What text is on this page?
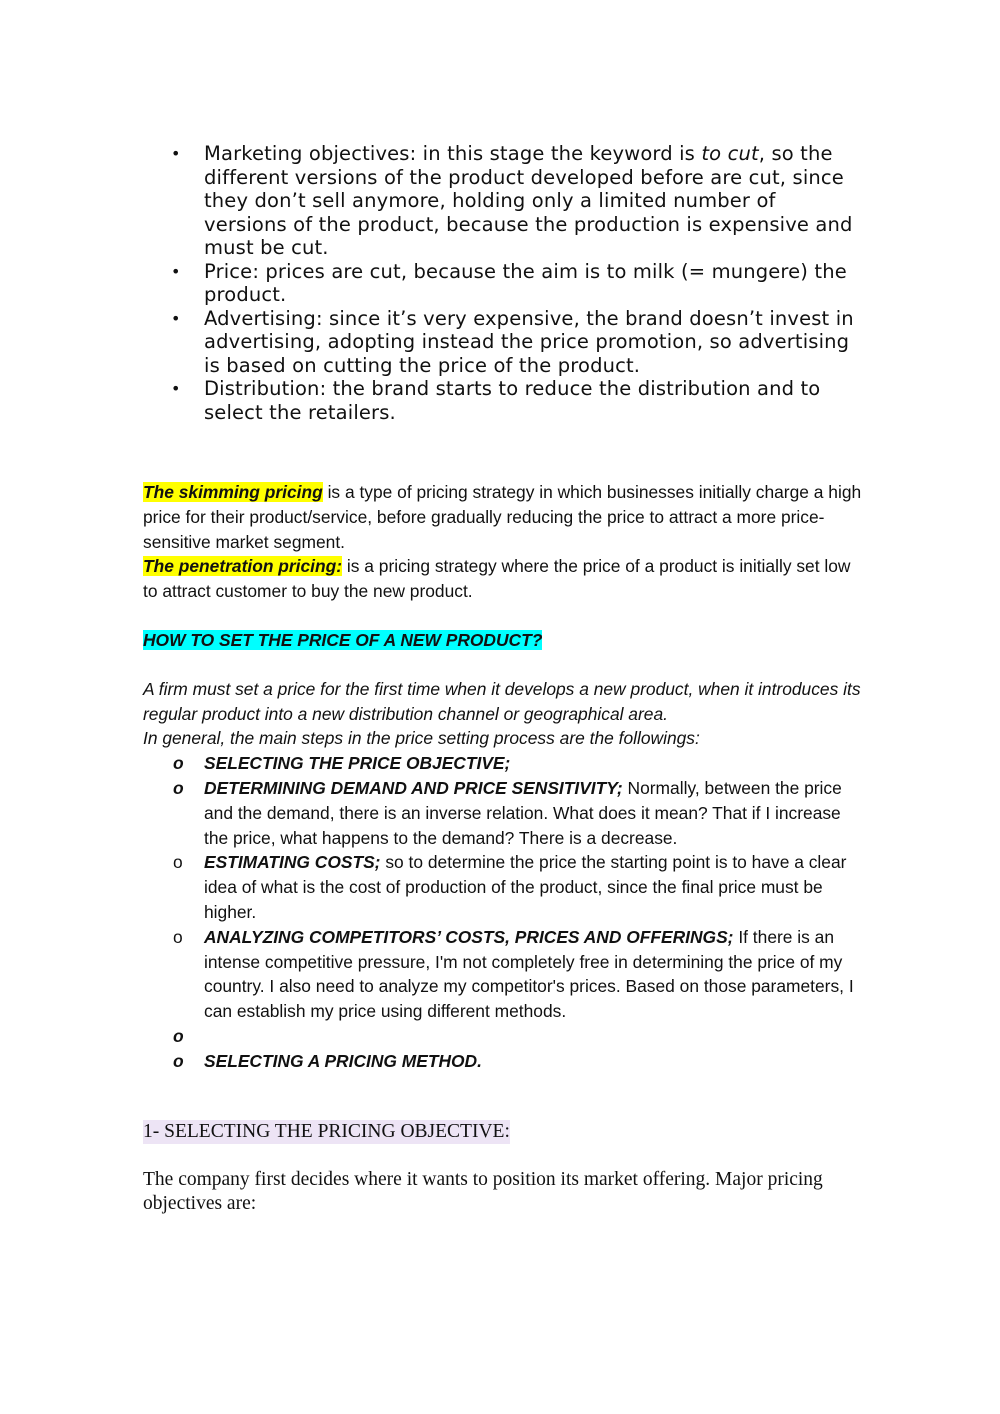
• Marketing objectives: in this stage the keyword is to cut, so the different versions of the product developed before are cut, since they don’t sell anymore, holding only a limited number of versions of the product, because the production is expensive and must be cut.
• Price: prices are cut, because the aim is to milk (= mungere) the product.
• Advertising: since it’s very expensive, the brand doesn’t invest in advertising, adopting instead the price promotion, so advertising is based on cutting the price of the product.
• Distribution: the brand starts to reduce the distribution and to select the retailers.

The skimming pricing is a type of pricing strategy in which businesses initially charge a high price for their product/service, before gradually reducing the price to attract a more price-sensitive market segment.

The penetration pricing: is a pricing strategy where the price of a product is initially set low to attract customer to buy the new product.

HOW TO SET THE PRICE OF A NEW PRODUCT?

A firm must set a price for the first time when it develops a new product, when it introduces its regular product into a new distribution channel or geographical area.

In general, the main steps in the price setting process are the followings:

o SELECTING THE PRICE OBJECTIVE;
o DETERMINING DEMAND AND PRICE SENSITIVITY; Normally, between the price and the demand, there is an inverse relation. What does it mean? That if I increase the price, what happens to the demand? There is a decrease.
o ESTIMATING COSTS; so to determine the price the starting point is to have a clear idea of what is the cost of production of the product, since the final price must be higher.
o ANALYZING COMPETITORS’ COSTS, PRICES AND OFFERINGS; If there is an intense competitive pressure, I'm not completely free in determining the price of my country. I also need to analyze my competitor's prices. Based on those parameters, I can establish my price using different methods.
o
o SELECTING A PRICING METHOD.
1- SELECTING THE PRICING OBJECTIVE:

The company first decides where it wants to position its market offering. Major pricing objectives are:
